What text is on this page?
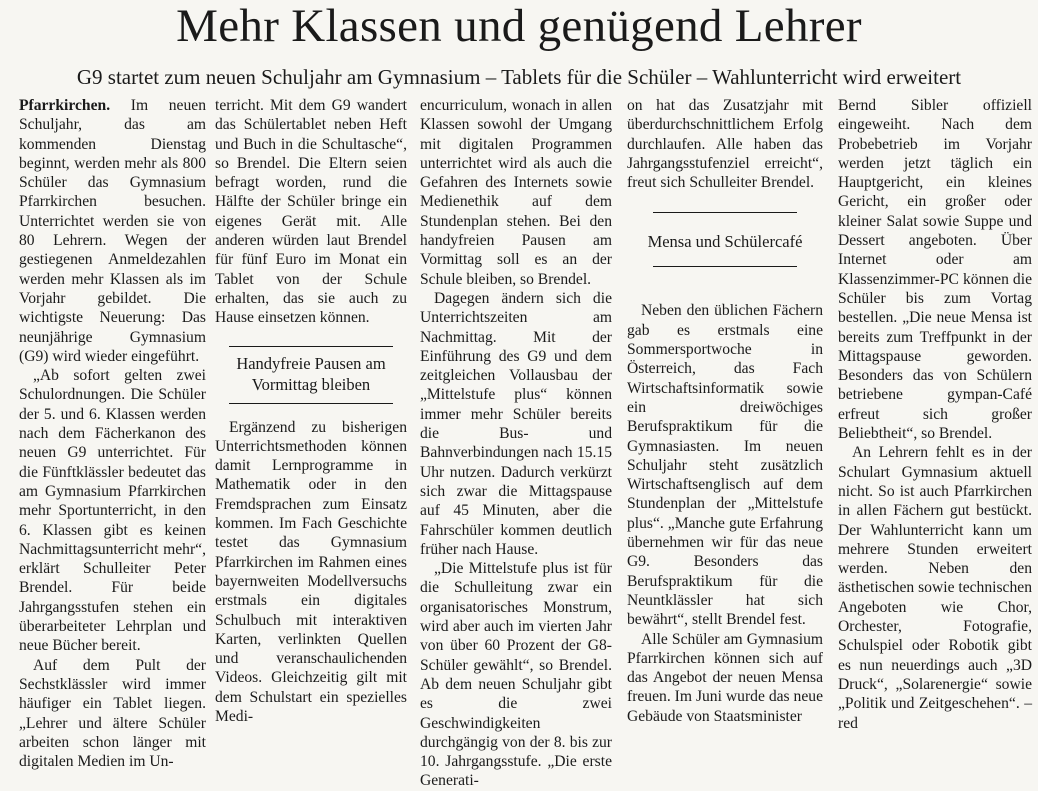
Mehr Klassen und genügend Lehrer
G9 startet zum neuen Schuljahr am Gymnasium – Tablets für die Schüler – Wahlunterricht wird erweitert

Pfarrkirchen. Im neuen Schuljahr, das am kommenden Dienstag beginnt, werden mehr als 800 Schüler das Gymnasium Pfarrkirchen besuchen. Unterrichtet werden sie von 80 Lehrern. Wegen der gestiegenen Anmeldezahlen werden mehr Klassen als im Vorjahr gebildet. Die wichtigste Neuerung: Das neunjährige Gymnasium (G9) wird wieder eingeführt.

„Ab sofort gelten zwei Schulordnungen. Die Schüler der 5. und 6. Klassen werden nach dem Fächerkanon des neuen G9 unterrichtet. Für die Fünftklässler bedeutet das am Gymnasium Pfarrkirchen mehr Sportunterricht, in den 6. Klassen gibt es keinen Nachmittagsunterricht mehr“, erklärt Schulleiter Peter Brendel. Für beide Jahrgangsstufen stehen ein überarbeiteter Lehrplan und neue Bücher bereit.

Auf dem Pult der Sechstklässler wird immer häufiger ein Tablet liegen. „Lehrer und ältere Schüler arbeiten schon länger mit digitalen Medien im Un-

terricht. Mit dem G9 wandert das Schülertablet neben Heft und Buch in die Schultasche“, so Brendel. Die Eltern seien befragt worden, rund die Hälfte der Schüler bringe ein eigenes Gerät mit. Alle anderen würden laut Brendel für fünf Euro im Monat ein Tablet von der Schule erhalten, das sie auch zu Hause einsetzen können.

Handyfreie Pausen am Vormittag bleiben

Ergänzend zu bisherigen Unterrichtsmethoden können damit Lernprogramme in Mathematik oder in den Fremdsprachen zum Einsatz kommen. Im Fach Geschichte testet das Gymnasium Pfarrkirchen im Rahmen eines bayernweiten Modellversuchs erstmals ein digitales Schulbuch mit interaktiven Karten, verlinkten Quellen und veranschaulichenden Videos. Gleichzeitig gilt mit dem Schulstart ein spezielles Medi-

encurriculum, wonach in allen Klassen sowohl der Umgang mit digitalen Programmen unterrichtet wird als auch die Gefahren des Internets sowie Medienethik auf dem Stundenplan stehen. Bei den handyfreien Pausen am Vormittag soll es an der Schule bleiben, so Brendel.

Dagegen ändern sich die Unterrichtszeiten am Nachmittag. Mit der Einführung des G9 und dem zeitgleichen Vollausbau der „Mittelstufe plus“ können immer mehr Schüler bereits die Bus- und Bahnverbindungen nach 15.15 Uhr nutzen. Dadurch verkürzt sich zwar die Mittagspause auf 45 Minuten, aber die Fahrschüler kommen deutlich früher nach Hause.

„Die Mittelstufe plus ist für die Schulleitung zwar ein organisatorisches Monstrum, wird aber auch im vierten Jahr von über 60 Prozent der G8-Schüler gewählt“, so Brendel. Ab dem neuen Schuljahr gibt es die zwei Geschwindigkeiten durchgängig von der 8. bis zur 10. Jahrgangsstufe. „Die erste Generati-

on hat das Zusatzjahr mit überdurchschnittlichem Erfolg durchlaufen. Alle haben das Jahrgangsstufenziel erreicht“, freut sich Schulleiter Brendel.

Mensa und Schülercafé

Neben den üblichen Fächern gab es erstmals eine Sommersportwoche in Österreich, das Fach Wirtschaftsinformatik sowie ein dreiwöchiges Berufspraktikum für die Gymnasiasten. Im neuen Schuljahr steht zusätzlich Wirtschaftsenglisch auf dem Stundenplan der „Mittelstufe plus“. „Manche gute Erfahrung übernehmen wir für das neue G9. Besonders das Berufspraktikum für die Neuntklässler hat sich bewährt“, stellt Brendel fest.

Alle Schüler am Gymnasium Pfarrkirchen können sich auf das Angebot der neuen Mensa freuen. Im Juni wurde das neue Gebäude von Staatsminister

Bernd Sibler offiziell eingeweiht. Nach dem Probebetrieb im Vorjahr werden jetzt täglich ein Hauptgericht, ein kleines Gericht, ein großer oder kleiner Salat sowie Suppe und Dessert angeboten. Über Internet oder am Klassenzimmer-PC können die Schüler bis zum Vortag bestellen. „Die neue Mensa ist bereits zum Treffpunkt in der Mittagspause geworden. Besonders das von Schülern betriebene gympan-Café erfreut sich großer Beliebtheit“, so Brendel.

An Lehrern fehlt es in der Schulart Gymnasium aktuell nicht. So ist auch Pfarrkirchen in allen Fächern gut bestückt. Der Wahlunterricht kann um mehrere Stunden erweitert werden. Neben den ästhetischen sowie technischen Angeboten wie Chor, Orchester, Fotografie, Schulspiel oder Robotik gibt es nun neuerdings auch „3D Druck“, „Solarenergie“ sowie „Politik und Zeitgeschehen“. – red
